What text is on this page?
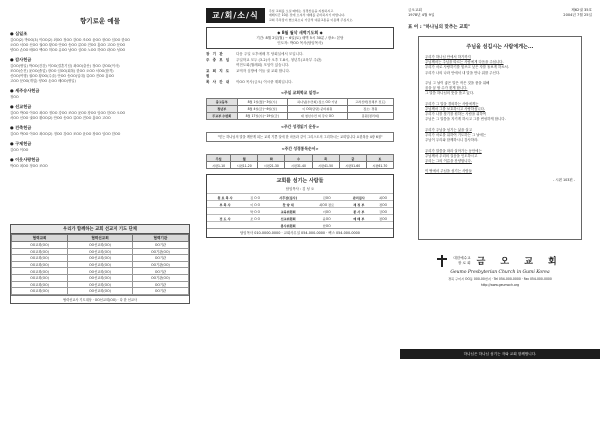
향기로운 예물
● 십일조
김OO(2) 박OO(3) 이OO(2) 최OO 정OO 강OO 조OO 윤OO 장OO 임OO 한OO
오OO 서OO 신OO 권OO 황OO 안OO 송OO 류OO 전OO 홍OO 고OO 문OO
양OO 손OO 배OO 백OO 허OO 유OO 남OO 심OO 노OO 하OO 곽OO 성OO
● 감사헌금
김OO(생일) 박OO(건강) 이OO(결혼기념) 최OO(출산) 정OO 강OO(이사)
조OO(승진) 윤OO(졸업) 장OO 임OO(회복) 한OO 오OO 서OO(합격)
신OO(여행) 권OO 황OO(수술) 안OO 송OO(입대) 류OO 전OO 홍OO
고OO 문OO(개업) 양OO 손OO 배OO(생일)
● 세주승사헌금
정OO
● 선교헌금
김OO 박OO 이OO 최OO 정OO 강OO 조OO 윤OO 장OO 임OO 한OO 오OO
서OO 신OO 권OO 황OO(2) 안OO 송OO 류OO 전OO 홍OO 고OO
● 건축헌금
김OO 박OO 이OO 최OO(2) 정OO 강OO 조OO 윤OO 장OO 임OO 한OO
● 구제헌금
김OO 이OO
● 이웃사랑헌금
박OO 최OO 정OO 조OO
우리가 함께하는 교회 선교지 기도 단체
협력교회	협력선교회	협력기관
OO교회(OO)	OO선교회(OO)	OO기관
OO교회(OO)	OO선교회(OO)	OO기관(OO)
OO교회(OO)	OO선교회(OO)	OO기관
OO교회(OO)	OO선교회(OO)	OO기관(OO)
OO교회(OO)	OO선교회(OO)	OO기관
OO교회(OO)	OO선교회(OO)	OO기관(OO)
OO교회(OO)	OO선교회(OO)	OO기관
OO교회(OO)	OO선교회(OO)	OO기관
협력선교사 기도대상 · OO선교회(OO) · 다 한 선교사
교/회/소/식	주일 교회를 오실 때에는 성경찬송을 지참하시고
예배시간 10분 전에 오셔서 예배를 준비하시기 바랍니다.
교회 주차장이 협소하오니 가급적 대중교통을 이용해 주십시오.
◆ 8월 월삭 새벽기도회 ◆
기간: 8월 2일(월) ~ 6일(토) 새벽 5시 30분 / 장소: 본당
인도자: 박OO 목사(담임목사)
장 기 관	다음 주일 오후예배 후 당회실에서 모입니다.
주 중 모 임	주일학교 모두 (3-2)사 오후 7-8시, 청년부(교육부 주관)
여전도회(월례회) 모임이 있습니다.
교 회 지 도 원
교역자 심방에 이들 권 교회 합니다.
목 사 칸 내	이OO 목사(금오) 이시중 계획입니다.
<주일 교회학교 일정>
중고등부	8월 1일(월)~3일(수)	하나님(수련회) 장소 OO 기념	고려신학(전체부 전도)
청년부	8월 4일(금)~6일(일)	이 OO(담당) 준비위원	장소: 경원
주교부 수련회	8월 17일(수)~19일(금)	대 청년수련 외 강사 OO	봉원(정리외)
<주간 성경읽기 운동>
"믿는 하나님의 말을 깨닫게 되는 교회 기쁜 일에 한 마음과 같이 그리스도의 그리하시는 교회입니다 요한복음 4장 6절"
<주간 성경통독순서>
주일	월	화	수	목	금	토
시편1-10	시편11-20	시편21-30	시편31-40	시편41-50	시편51-60	시편61-70
교회를 섬기는 사람들
담임목사 : 김 성 오
원 로 목 사	김 O O	사무장(집사)	김OO	관리집사	최OO
부 목 사	이 O O	찬 양 대	최OO 장로	재 정 부	정OO
	박 O O	교육위원회	이OO	봉 사 부	강OO
전 도 사	조 O O	선교위원회	윤OO	예 배 부	장OO
		봉사위원회	한OO		
담임목사 010-0000-0000 · 교회사무실 054-000-0000 · 팩스 054-000-0000
금오교회
1978년 4월 9일
제62권 35호
2004년 7월 25일
표 어 : "하나님의 맞추는 교회"
주님을 섬깁시는 사람에게는...
우리가 하나님 안에서 하기까지
주님께서는 주님을 따르는 사람에게 다음을 주십니다.
우리가 서로 사랑하기를 힘쓰고 낮은 자를 돌보게 하소서.
우리가 나의 나라 안에서 내 말을 만나 위를 주신다.

주님 그 날이 좋은 말은 작은 것을 품을 위해
꿈을 꿈 할 수가 찾게 합니다.
그 말씀 하나님의 뜻을 품고 있다.

우리가 그 말을 경외하는 사람에게는
주님께서 그를 보호하시고 사랑하십니다.
우리가 나를 찾기를 원하는 사람을 위하여
주님은 그 말씀을 지키게 하시고 그를 번성하게 합니다.

우리가 주님을 섬기는 삶을 살고
우리가 서로를 위하여 기도하는 그 날에는
주님이 우리와 함께하시니 감사하라.

우리가 말씀을 따라 살아가는 동안에는
주님께서 우리의 걸음을 인도하시고
우리는 그의 이름을 찬양합니다.

이 땅에서 주님을 섬기는 사람들
- 시편 103편 -
대한예수교
장 로 회 금 오 교 회
Geumo Presbyterian Church in Gumi Korea
경북 구미시 OO동 000-00번지 · Tel 054-000-0000 · Fax 054-000-0000
http://www.geumoch.org
하나님은 하나님 섬기는 자와 교회 함께합니다.
